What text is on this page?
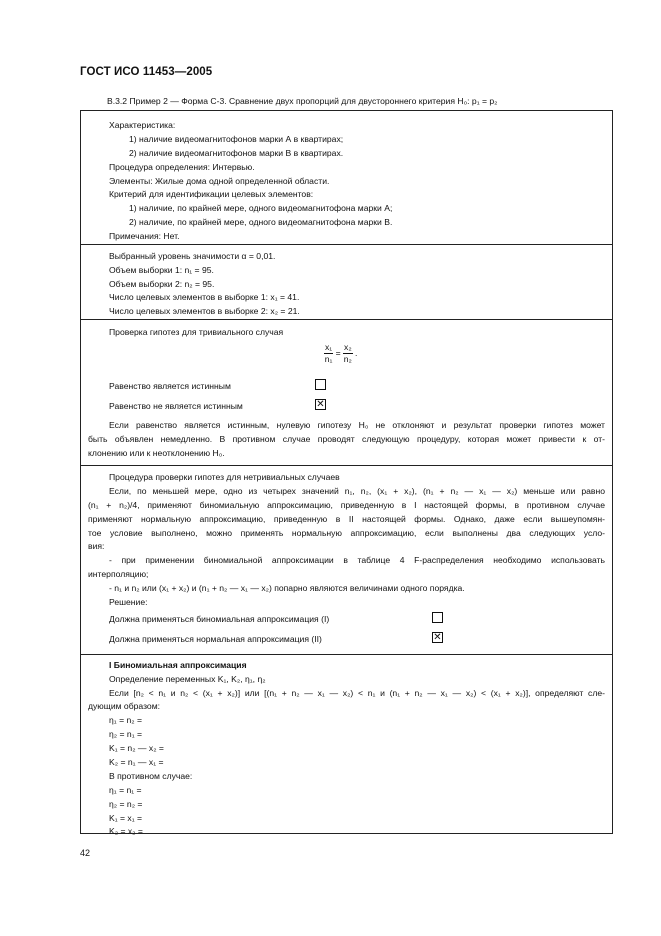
ГОСТ ИСО 11453—2005
В.3.2 Пример 2 — Форма С-3. Сравнение двух пропорций для двустороннего критерия H₀: p₁ = p₂
Характеристика:
1) наличие видеомагнитофонов марки А в квартирах;
2) наличие видеомагнитофонов марки В в квартирах.
Процедура определения: Интервью.
Элементы: Жилые дома одной определенной области.
Критерий для идентификации целевых элементов:
1) наличие, по крайней мере, одного видеомагнитофона марки А;
2) наличие, по крайней мере, одного видеомагнитофона марки В.
Примечания: Нет.
Выбранный уровень значимости α = 0,01.
Объем выборки 1: n₁ = 95.
Объем выборки 2: n₂ = 95.
Число целевых элементов в выборке 1: x₁ = 41.
Число целевых элементов в выборке 2: x₂ = 21.
Проверка гипотез для тривиального случая
$\frac{\text{x₁}}{\text{n₁}} = \frac{\text{x₂}}{\text{n₂}}$ .
Равенство является истинным
Равенство не является истинным	✕
Если равенство является истинным, нулевую гипотезу H₀ не отклоняют и результат проверки гипотез может
быть объявлен немедленно. В противном случае проводят следующую процедуру, которая может привести к от-
клонению или к неотклонению H₀.
Процедура проверки гипотез для нетривиальных случаев
Если, по меньшей мере, одно из четырех значений n₁, n₂, (x₁ + x₂), (n₁ + n₂ — x₁ — x₂) меньше или равно
(n₁ + n₂)/4, применяют биномиальную аппроксимацию, приведенную в I настоящей формы, в противном случае
применяют нормальную аппроксимацию, приведенную в II настоящей формы. Однако, даже если вышеупомян-
тое условие выполнено, можно применять нормальную аппроксимацию, если выполнены два следующих усло-
вия:
- при применении биномиальной аппроксимации в таблице 4 F-распределения необходимо использовать
интерполяцию;
- n₁ и n₂ или (x₁ + x₂) и (n₁ + n₂ — x₁ — x₂) попарно являются величинами одного порядка.
Решение:
Должна применяться биномиальная аппроксимация (I)
Должна применяться нормальная аппроксимация (II)	✕
I Биномиальная аппроксимация
Определение переменных K₁, K₂, η₁, η₂
Если [n₂ < n₁ и n₂ < (x₁ + x₂)] или [(n₁ + n₂ — x₁ — x₂) < n₁ и (n₁ + n₂ — x₁ — x₂) < (x₁ + x₂)], определяют сле-
дующим образом:
η₁ = n₂ =
η₂ = n₁ =
K₁ = n₂ — x₂ =
K₂ = n₁ — x₁ =
В противном случае:
η₁ = n₁ =
η₂ = n₂ =
K₁ = x₁ =
K₂ = x₂ =
42
